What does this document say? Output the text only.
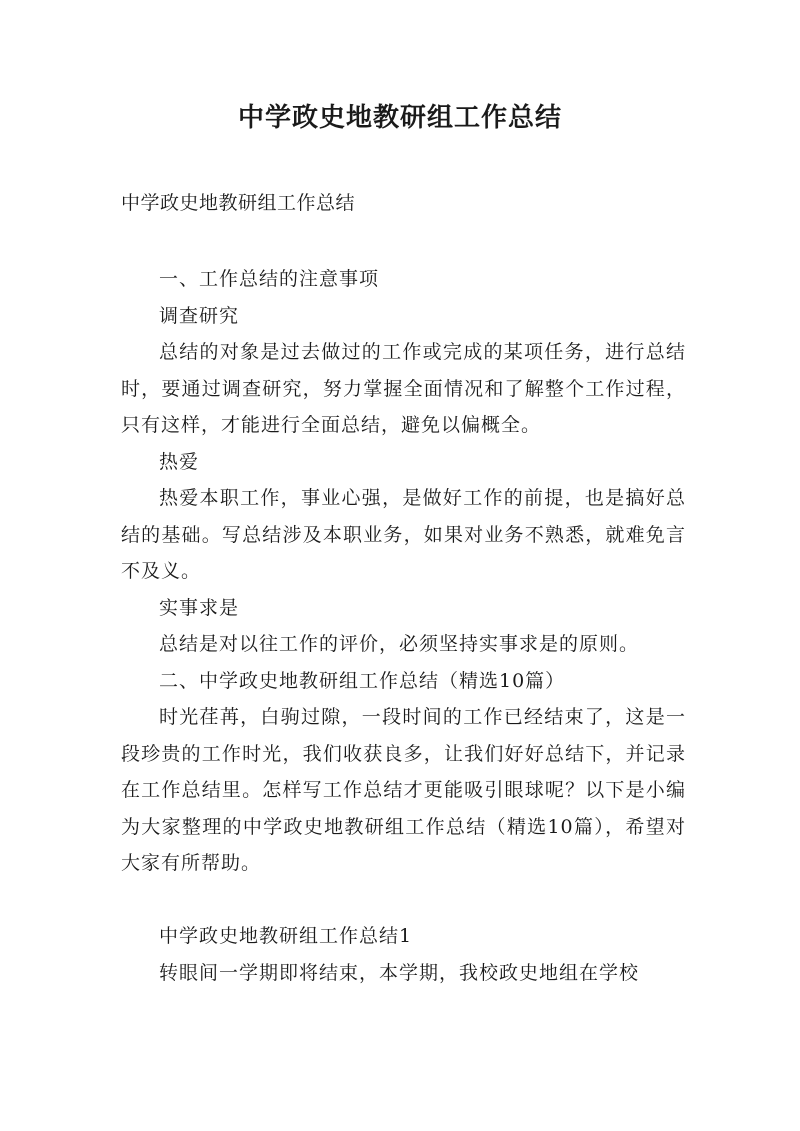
中学政史地教研组工作总结
中学政史地教研组工作总结

一、工作总结的注意事项

调查研究

总结的对象是过去做过的工作或完成的某项任务，进行总结时，要通过调查研究，努力掌握全面情况和了解整个工作过程，只有这样，才能进行全面总结，避免以偏概全。

热爱

热爱本职工作，事业心强，是做好工作的前提，也是搞好总结的基础。写总结涉及本职业务，如果对业务不熟悉，就难免言不及义。

实事求是

总结是对以往工作的评价，必须坚持实事求是的原则。

二、中学政史地教研组工作总结（精选10篇）

时光荏苒，白驹过隙，一段时间的工作已经结束了，这是一段珍贵的工作时光，我们收获良多，让我们好好总结下，并记录在工作总结里。怎样写工作总结才更能吸引眼球呢？以下是小编为大家整理的中学政史地教研组工作总结（精选10篇），希望对大家有所帮助。

中学政史地教研组工作总结1

转眼间一学期即将结束，本学期，我校政史地组在学校
